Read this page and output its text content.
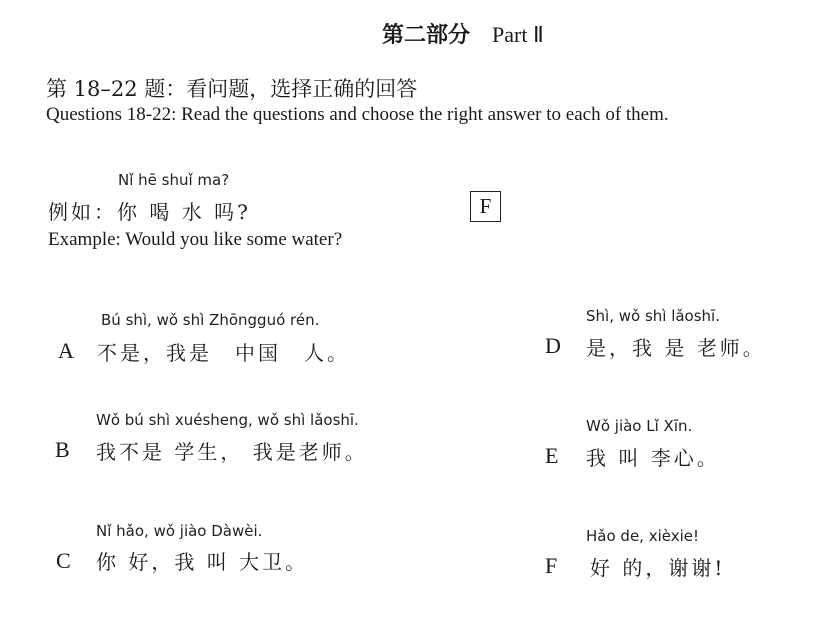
第二部分 Part Ⅱ
第 18–22 题：看问题，选择正确的回答
Questions 18-22: Read the questions and choose the right answer to each of them.
Nǐ hē shuǐ ma?
例如：你 喝 水 吗?
Example: Would you like some water?
F
Bú shì, wǒ shì Zhōngguó rén.
A 不是，我是　中国　人。
Wǒ bú shì xuésheng, wǒ shì lǎoshī.
B 我不是 学生， 我是老师。
Nǐ hǎo, wǒ jiào Dàwèi.
C 你 好，我 叫 大卫。
Shì, wǒ shì lǎoshī.
D 是，我 是 老师。
Wǒ jiào Lǐ Xīn.
E 我 叫 李心。
Hǎo de, xièxie!
F 好 的，谢谢!
